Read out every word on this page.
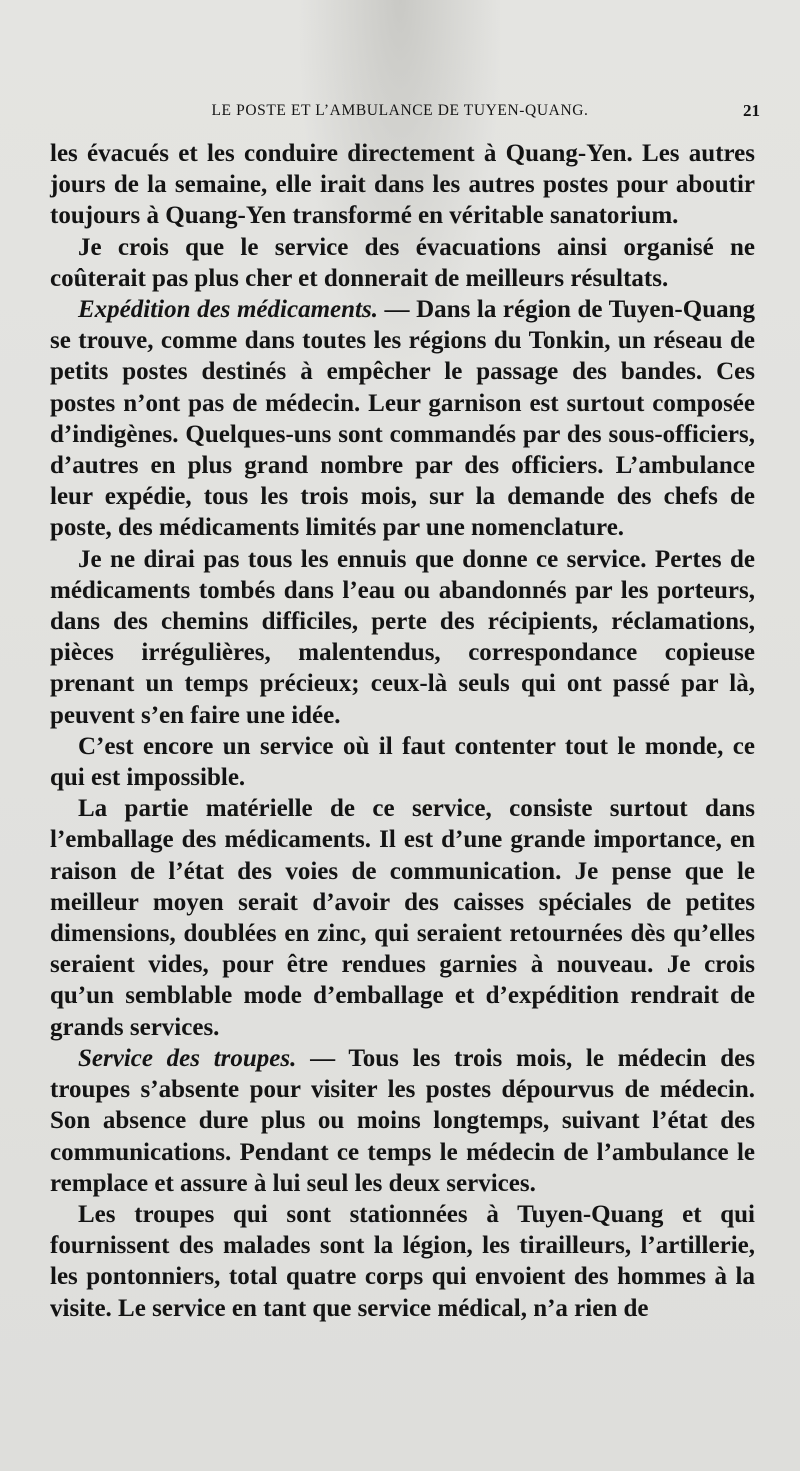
LE POSTE ET L’AMBULANCE DE TUYEN-QUANG.	21

les évacués et les conduire directement à Quang-Yen. Les autres jours de la semaine, elle irait dans les autres postes pour aboutir toujours à Quang-Yen transformé en véritable sanatorium.

Je crois que le service des évacuations ainsi organisé ne coûterait pas plus cher et donnerait de meilleurs résultats.

Expédition des médicaments. — Dans la région de Tuyen-Quang se trouve, comme dans toutes les régions du Tonkin, un réseau de petits postes destinés à empêcher le passage des bandes. Ces postes n’ont pas de médecin. Leur garnison est surtout composée d’indigènes. Quelques-uns sont commandés par des sous-officiers, d’autres en plus grand nombre par des officiers. L’ambulance leur expédie, tous les trois mois, sur la demande des chefs de poste, des médicaments limités par une nomenclature.

Je ne dirai pas tous les ennuis que donne ce service. Pertes de médicaments tombés dans l’eau ou abandonnés par les porteurs, dans des chemins difficiles, perte des récipients, réclamations, pièces irrégulières, malentendus, correspondance copieuse prenant un temps précieux; ceux-là seuls qui ont passé par là, peuvent s’en faire une idée.

C’est encore un service où il faut contenter tout le monde, ce qui est impossible.

La partie matérielle de ce service, consiste surtout dans l’emballage des médicaments. Il est d’une grande importance, en raison de l’état des voies de communication. Je pense que le meilleur moyen serait d’avoir des caisses spéciales de petites dimensions, doublées en zinc, qui seraient retournées dès qu’elles seraient vides, pour être rendues garnies à nouveau. Je crois qu’un semblable mode d’emballage et d’expédition rendrait de grands services.

Service des troupes. — Tous les trois mois, le médecin des troupes s’absente pour visiter les postes dépourvus de médecin. Son absence dure plus ou moins longtemps, suivant l’état des communications. Pendant ce temps le médecin de l’ambulance le remplace et assure à lui seul les deux services.

Les troupes qui sont stationnées à Tuyen-Quang et qui fournissent des malades sont la légion, les tirailleurs, l’artillerie, les pontonniers, total quatre corps qui envoient des hommes à la visite. Le service en tant que service médical, n’a rien de
